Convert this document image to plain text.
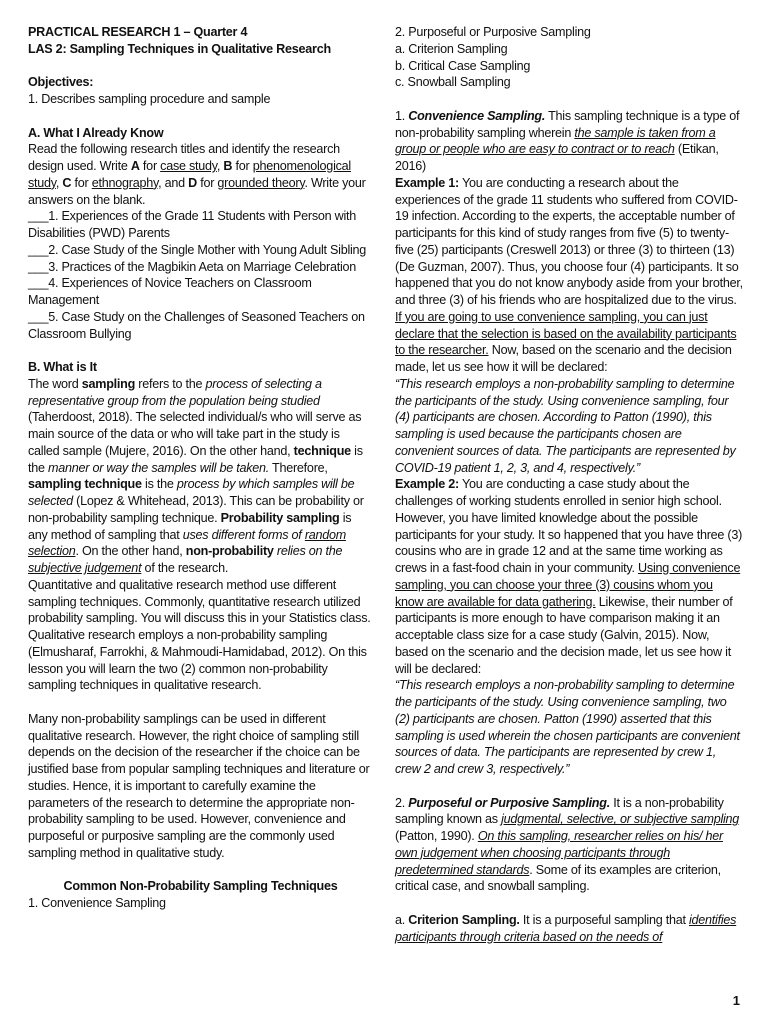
PRACTICAL RESEARCH 1 – Quarter 4

LAS 2: Sampling Techniques in Qualitative Research

Objectives:

1. Describes sampling procedure and sample

A. What I Already Know

Read the following research titles and identify the research design used. Write A for case study, B for phenomenological study, C for ethnography, and D for grounded theory. Write your answers on the blank.

___1. Experiences of the Grade 11 Students with Person with Disabilities (PWD) Parents

___2. Case Study of the Single Mother with Young Adult Sibling

___3. Practices of the Magbikin Aeta on Marriage Celebration

___4. Experiences of Novice Teachers on Classroom Management

___5. Case Study on the Challenges of Seasoned Teachers on Classroom Bullying

B. What is It

The word sampling refers to the process of selecting a representative group from the population being studied (Taherdoost, 2018). The selected individual/s who will serve as main source of the data or who will take part in the study is called sample (Mujere, 2016). On the other hand, technique is the manner or way the samples will be taken. Therefore, sampling technique is the process by which samples will be selected (Lopez & Whitehead, 2013). This can be probability or non-probability sampling technique. Probability sampling is any method of sampling that uses different forms of random selection. On the other hand, non-probability relies on the subjective judgement of the research.

Quantitative and qualitative research method use different sampling techniques. Commonly, quantitative research utilized probability sampling. You will discuss this in your Statistics class. Qualitative research employs a non-probability sampling (Elmusharaf, Farrokhi, & Mahmoudi-Hamidabad, 2012). On this lesson you will learn the two (2) common non-probability sampling techniques in qualitative research.

Many non-probability samplings can be used in different qualitative research. However, the right choice of sampling still depends on the decision of the researcher if the choice can be justified base from popular sampling techniques and literature or studies. Hence, it is important to carefully examine the parameters of the research to determine the appropriate non-probability sampling to be used. However, convenience and purposeful or purposive sampling are the commonly used sampling method in qualitative study.

Common Non-Probability Sampling Techniques

1. Convenience Sampling

2. Purposeful or Purposive Sampling

a. Criterion Sampling

b. Critical Case Sampling

c. Snowball Sampling

1. Convenience Sampling. This sampling technique is a type of non-probability sampling wherein the sample is taken from a group or people who are easy to contract or to reach (Etikan, 2016)

Example 1: You are conducting a research about the experiences of the grade 11 students who suffered from COVID-19 infection. According to the experts, the acceptable number of participants for this kind of study ranges from five (5) to twenty-five (25) participants (Creswell 2013) or three (3) to thirteen (13) (De Guzman, 2007). Thus, you choose four (4) participants. It so happened that you do not know anybody aside from your brother, and three (3) of his friends who are hospitalized due to the virus. If you are going to use convenience sampling, you can just declare that the selection is based on the availability participants to the researcher. Now, based on the scenario and the decision made, let us see how it will be declared:

“This research employs a non-probability sampling to determine the participants of the study. Using convenience sampling, four (4) participants are chosen. According to Patton (1990), this sampling is used because the participants chosen are convenient sources of data. The participants are represented by COVID-19 patient 1, 2, 3, and 4, respectively.”

Example 2: You are conducting a case study about the challenges of working students enrolled in senior high school. However, you have limited knowledge about the possible participants for your study. It so happened that you have three (3) cousins who are in grade 12 and at the same time working as crews in a fast-food chain in your community. Using convenience sampling, you can choose your three (3) cousins whom you know are available for data gathering. Likewise, their number of participants is more enough to have comparison making it an acceptable class size for a case study (Galvin, 2015). Now, based on the scenario and the decision made, let us see how it will be declared:

“This research employs a non-probability sampling to determine the participants of the study. Using convenience sampling, two (2) participants are chosen. Patton (1990) asserted that this sampling is used wherein the chosen participants are convenient sources of data. The participants are represented by crew 1, crew 2 and crew 3, respectively.”

2. Purposeful or Purposive Sampling. It is a non-probability sampling known as judgmental, selective, or subjective sampling (Patton, 1990). On this sampling, researcher relies on his/ her own judgement when choosing participants through predetermined standards. Some of its examples are criterion, critical case, and snowball sampling.

a. Criterion Sampling. It is a purposeful sampling that identifies participants through criteria based on the needs of

1
